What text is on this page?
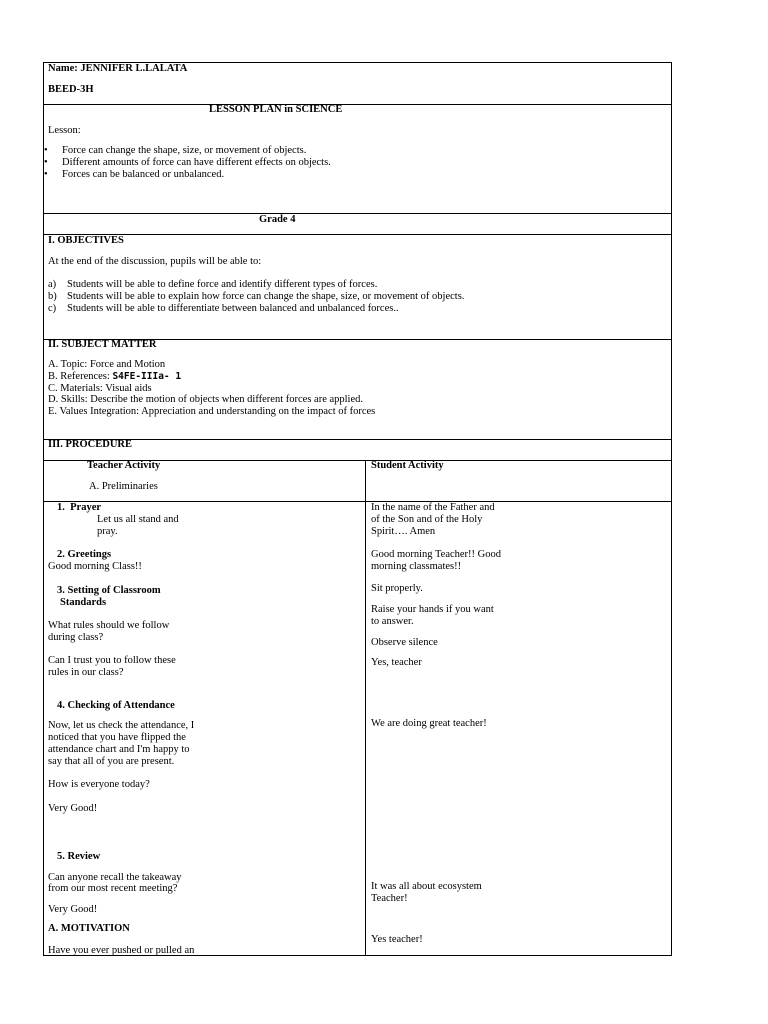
Name: JENNIFER L.LALATA
BEED-3H
LESSON PLAN in SCIENCE
Lesson:
• Force can change the shape, size, or movement of objects.
• Different amounts of force can have different effects on objects.
• Forces can be balanced or unbalanced.
Grade 4
I. OBJECTIVES
At the end of the discussion, pupils will be able to:
a) Students will be able to define force and identify different types of forces.
b) Students will be able to explain how force can change the shape, size, or movement of objects.
c) Students will be able to differentiate between balanced and unbalanced forces..
II. SUBJECT MATTER
A. Topic: Force and Motion
B. References: S4FE-IIIa- 1
C. Materials: Visual aids
D. Skills: Describe the motion of objects when different forces are applied.
E. Values Integration: Appreciation and understanding on the impact of forces
III. PROCEDURE
Teacher Activity
A. Preliminaries
Student Activity
1. Prayer
Let us all stand and
pray.
2. Greetings
Good morning Class!!
3. Setting of Classroom
Standards
What rules should we follow
during class?
Can I trust you to follow these
rules in our class?
4. Checking of Attendance
Now, let us check the attendance, I
noticed that you have flipped the
attendance chart and I'm happy to
say that all of you are present.
How is everyone today?
Very Good!
5. Review
Can anyone recall the takeaway
from our most recent meeting?
Very Good!
A. MOTIVATION
Have you ever pushed or pulled an
In the name of the Father and
of the Son and of the Holy
Spirit…. Amen
Good morning Teacher!! Good
morning classmates!!
Sit properly.
Raise your hands if you want
to answer.
Observe silence
Yes, teacher
We are doing great teacher!
It was all about ecosystem
Teacher!
Yes teacher!
